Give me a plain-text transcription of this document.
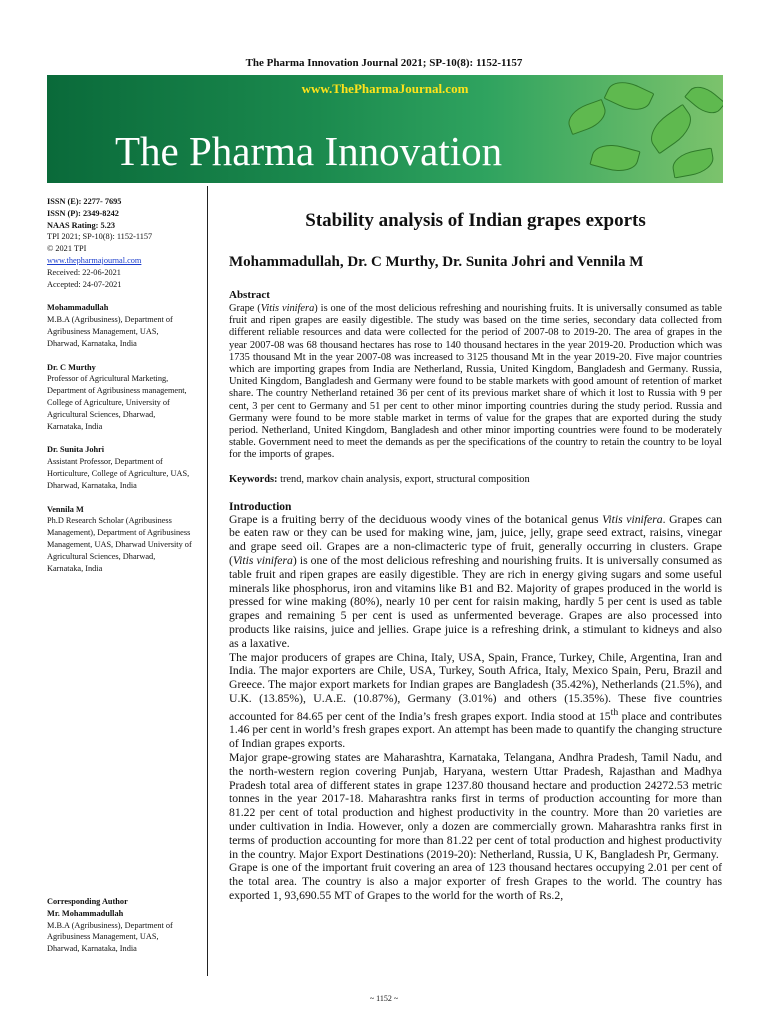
The Pharma Innovation Journal 2021; SP-10(8): 1152-1157
www.ThePharmaJournal.com
The Pharma Innovation
ISSN (E): 2277- 7695
ISSN (P): 2349-8242
NAAS Rating: 5.23
TPI 2021; SP-10(8): 1152-1157
© 2021 TPI
www.thepharmajournal.com
Received: 22-06-2021
Accepted: 24-07-2021
Mohammadullah
M.B.A (Agribusiness), Department of Agribusiness Management, UAS, Dharwad, Karnataka, India
Dr. C Murthy
Professor of Agricultural Marketing, Department of Agribusiness management, College of Agriculture, University of Agricultural Sciences, Dharwad, Karnataka, India
Dr. Sunita Johri
Assistant Professor, Department of Horticulture, College of Agriculture, UAS, Dharwad, Karnataka, India
Vennila M
Ph.D Research Scholar (Agribusiness Management), Department of Agribusiness Management, UAS, Dharwad University of Agricultural Sciences, Dharwad, Karnataka, India
Corresponding Author
Mr. Mohammadullah
M.B.A (Agribusiness), Department of Agribusiness Management, UAS, Dharwad, Karnataka, India
Stability analysis of Indian grapes exports
Mohammadullah, Dr. C Murthy, Dr. Sunita Johri and Vennila M
Abstract
Grape (Vitis vinifera) is one of the most delicious refreshing and nourishing fruits. It is universally consumed as table fruit and ripen grapes are easily digestible. The study was based on the time series, secondary data collected from different reliable resources and data were collected for the period of 2007-08 to 2019-20. The area of grapes in the year 2007-08 was 68 thousand hectares has rose to 140 thousand hectares in the year 2019-20. Production which was 1735 thousand Mt in the year 2007-08 was increased to 3125 thousand Mt in the year 2019-20. Five major countries which are importing grapes from India are Netherland, Russia, United Kingdom, Bangladesh and Germany. Russia, United Kingdom, Bangladesh and Germany were found to be stable markets with good amount of retention of market share. The country Netherland retained 36 per cent of its previous market share of which it lost to Russia with 9 per cent, 3 per cent to Germany and 51 per cent to other minor importing countries during the study period. Russia and Germany were found to be more stable market in terms of value for the grapes that are exported during the study period. Netherland, United Kingdom, Bangladesh and other minor importing countries were found to be moderately stable. Government need to meet the demands as per the specifications of the country to retain the country to be loyal for the imports of grapes.
Keywords: trend, markov chain analysis, export, structural composition
Introduction

Grape is a fruiting berry of the deciduous woody vines of the botanical genus Vitis vinifera. Grapes can be eaten raw or they can be used for making wine, jam, juice, jelly, grape seed extract, raisins, vinegar and grape seed oil. Grapes are a non-climacteric type of fruit, generally occurring in clusters. Grape (Vitis vinifera) is one of the most delicious refreshing and nourishing fruits. It is universally consumed as table fruit and ripen grapes are easily digestible. They are rich in energy giving sugars and some useful minerals like phosphorus, iron and vitamins like B1 and B2. Majority of grapes produced in the world is pressed for wine making (80%), nearly 10 per cent for raisin making, hardly 5 per cent is used as table grapes and remaining 5 per cent is used as unfermented beverage. Grapes are also processed into products like raisins, juice and jellies. Grape juice is a refreshing drink, a stimulant to kidneys and also as a laxative.

The major producers of grapes are China, Italy, USA, Spain, France, Turkey, Chile, Argentina, Iran and India. The major exporters are Chile, USA, Turkey, South Africa, Italy, Mexico Spain, Peru, Brazil and Greece. The major export markets for Indian grapes are Bangladesh (35.42%), Netherlands (21.5%), and U.K. (13.85%), U.A.E. (10.87%), Germany (3.01%) and others (15.35%). These five countries accounted for 84.65 per cent of the India’s fresh grapes export. India stood at 15th place and contributes 1.46 per cent in world’s fresh grapes export. An attempt has been made to quantify the changing structure of Indian grapes exports.

Major grape-growing states are Maharashtra, Karnataka, Telangana, Andhra Pradesh, Tamil Nadu, and the north-western region covering Punjab, Haryana, western Uttar Pradesh, Rajasthan and Madhya Pradesh total area of different states in grape 1237.80 thousand hectare and production 24272.53 metric tonnes in the year 2017-18. Maharashtra ranks first in terms of production accounting for more than 81.22 per cent of total production and highest productivity in the country. More than 20 varieties are under cultivation in India. However, only a dozen are commercially grown. Maharashtra ranks first in terms of production accounting for more than 81.22 per cent of total production and highest productivity in the country. Major Export Destinations (2019-20): Netherland, Russia, U K, Bangladesh Pr, Germany.

Grape is one of the important fruit covering an area of 123 thousand hectares occupying 2.01 per cent of the total area. The country is also a major exporter of fresh Grapes to the world. The country has exported 1, 93,690.55 MT of Grapes to the world for the worth of Rs.2,

~ 1152 ~
